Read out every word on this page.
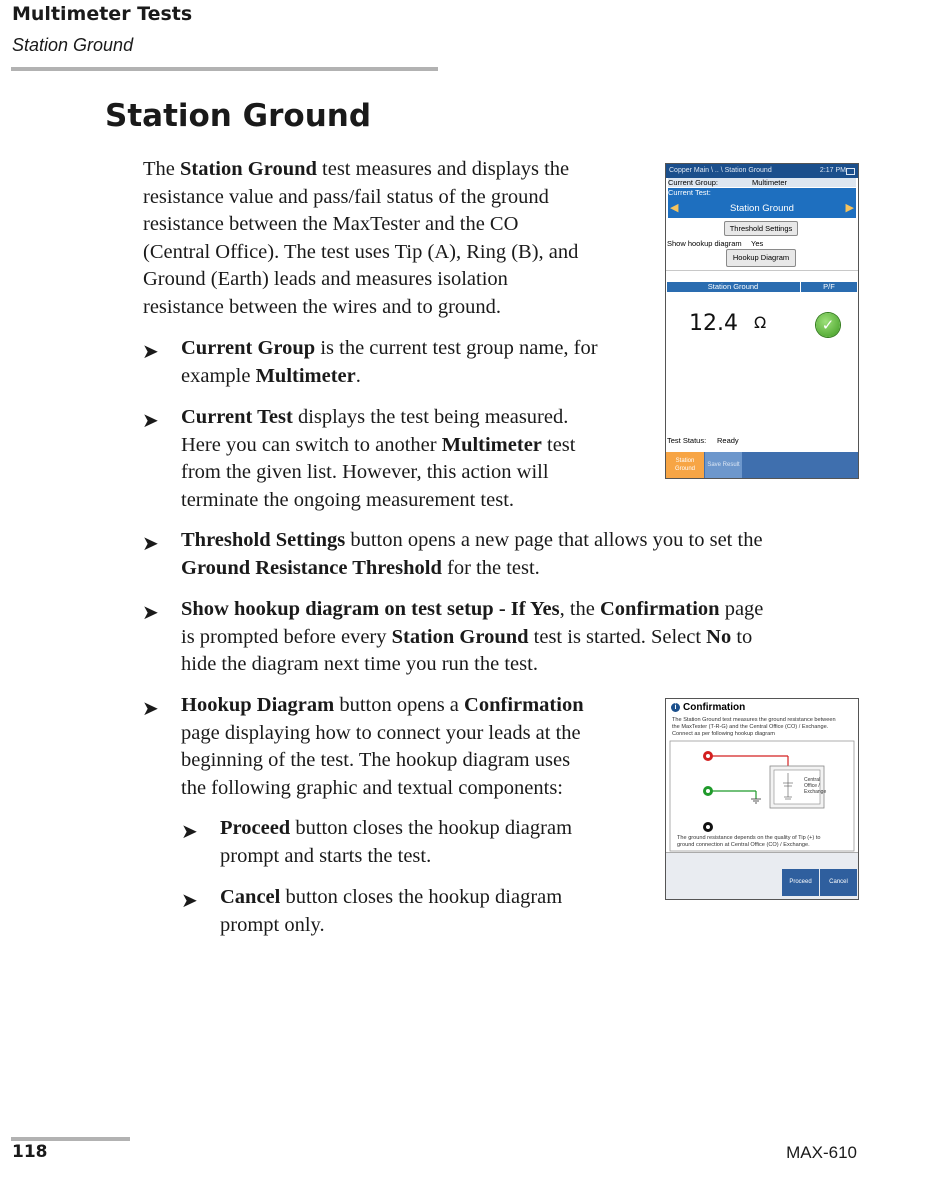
Multimeter Tests
Station Ground
Station Ground
The Station Ground test measures and displays the
resistance value and pass/fail status of the ground
resistance between the MaxTester and the CO
(Central Office). The test uses Tip (A), Ring (B), and
Ground (Earth) leads and measures isolation
resistance between the wires and to ground.
➤ Current Group is the current test group name, for
example Multimeter.
➤ Current Test displays the test being measured.
Here you can switch to another Multimeter test
from the given list. However, this action will
terminate the ongoing measurement test.
➤ Threshold Settings button opens a new page that allows you to set the
Ground Resistance Threshold for the test.
➤ Show hookup diagram on test setup - If Yes, the Confirmation page
is prompted before every Station Ground test is started. Select No to
hide the diagram next time you run the test.
➤ Hookup Diagram button opens a Confirmation
page displaying how to connect your leads at the
beginning of the test. The hookup diagram uses
the following graphic and textual components:
➤ Proceed button closes the hookup diagram
prompt and starts the test.
➤ Cancel button closes the hookup diagram
prompt only.
Copper Main \ .. \ Station Ground	2:17 PM
Current Group:	Multimeter
Current Test:
◀	Station Ground	▶
Threshold Settings
Show hookup diagram Yes
Hookup Diagram
Station Ground	P/F
12.4 Ω	✓
Test Status: Ready
Station
Ground
Save Result
i Confirmation
The Station Ground test measures the ground resistance between
the MaxTester (T-R-G) and the Central Office (CO) / Exchange.
Connect as per following hookup diagram
Central
Office /
Exchange
The ground resistance depends on the quality of Tip (+) to
ground connection at Central Office (CO) / Exchange.
Proceed	Cancel
118	MAX-610
